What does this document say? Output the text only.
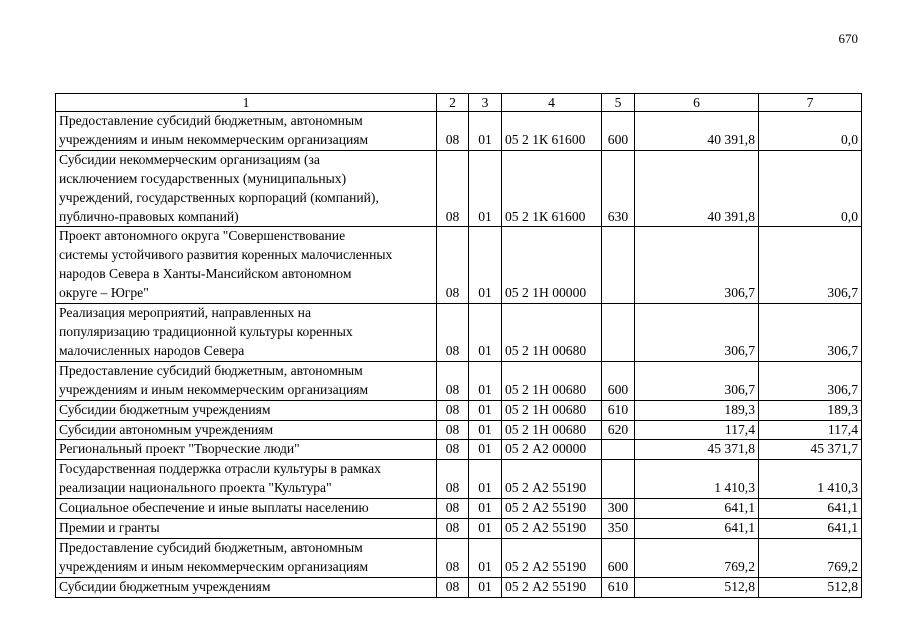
670
1	2	3	4	5	6	7

Предоставление субсидий бюджетным, автономным
учреждениям и иным некоммерческим организациям	08	01	05 2 1К 61600	600	40 391,8	0,0

Субсидии некоммерческим организациям (за
исключением государственных (муниципальных)
учреждений, государственных корпораций (компаний),
публично-правовых компаний)	08	01	05 2 1К 61600	630	40 391,8	0,0

Проект автономного округа "Совершенствование
системы устойчивого развития коренных малочисленных
народов Севера в Ханты-Мансийском автономном
округе – Югре"	08	01	05 2 1Н 00000		306,7	306,7

Реализация мероприятий, направленных на
популяризацию традиционной культуры коренных
малочисленных народов Севера	08	01	05 2 1Н 00680		306,7	306,7

Предоставление субсидий бюджетным, автономным
учреждениям и иным некоммерческим организациям	08	01	05 2 1Н 00680	600	306,7	306,7

Субсидии бюджетным учреждениям	08	01	05 2 1Н 00680	610	189,3	189,3

Субсидии автономным учреждениям	08	01	05 2 1Н 00680	620	117,4	117,4

Региональный проект "Творческие люди"	08	01	05 2 А2 00000		45 371,8	45 371,7

Государственная поддержка отрасли культуры в рамках
реализации национального проекта "Культура"	08	01	05 2 А2 55190		1 410,3	1 410,3

Социальное обеспечение и иные выплаты населению	08	01	05 2 А2 55190	300	641,1	641,1

Премии и гранты	08	01	05 2 А2 55190	350	641,1	641,1

Предоставление субсидий бюджетным, автономным
учреждениям и иным некоммерческим организациям	08	01	05 2 А2 55190	600	769,2	769,2

Субсидии бюджетным учреждениям	08	01	05 2 А2 55190	610	512,8	512,8
